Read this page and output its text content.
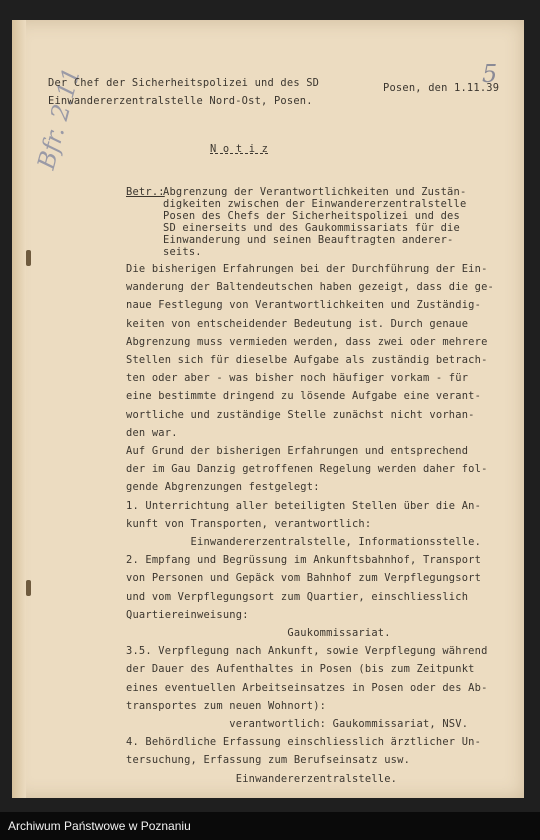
5
Bfr. 2.11
Der Chef der Sicherheitspolizei und des SD
Einwandererzentralstelle Nord-Ost, Posen.
Posen, den 1.11.39
N o t i z
Betr.:
Abgrenzung der Verantwortlichkeiten und Zustän-
digkeiten zwischen der Einwandererzentralstelle
Posen des Chefs der Sicherheitspolizei und des
SD einerseits und des Gaukommissariats für die
Einwanderung und seinen Beauftragten anderer-
seits.
Die bisherigen Erfahrungen bei der Durchführung der Ein-
wanderung der Baltendeutschen haben gezeigt, dass die ge-
naue Festlegung von Verantwortlichkeiten und Zuständig-
keiten von entscheidender Bedeutung ist. Durch genaue
Abgrenzung muss vermieden werden, dass zwei oder mehrere
Stellen sich für dieselbe Aufgabe als zuständig betrach-
ten oder aber - was bisher noch häufiger vorkam - für
eine bestimmte dringend zu lösende Aufgabe eine verant-
wortliche und zuständige Stelle zunächst nicht vorhan-
den war.
Auf Grund der bisherigen Erfahrungen und entsprechend
der im Gau Danzig getroffenen Regelung werden daher fol-
gende Abgrenzungen festgelegt:
1. Unterrichtung aller beteiligten Stellen über die An-
kunft von Transporten, verantwortlich:
Einwandererzentralstelle, Informationsstelle.
2. Empfang und Begrüssung im Ankunftsbahnhof, Transport
von Personen und Gepäck vom Bahnhof zum Verpflegungsort
und vom Verpflegungsort zum Quartier, einschliesslich
Quartiereinweisung:
Gaukommissariat.
3.5. Verpflegung nach Ankunft, sowie Verpflegung während
der Dauer des Aufenthaltes in Posen (bis zum Zeitpunkt
eines eventuellen Arbeitseinsatzes in Posen oder des Ab-
transportes zum neuen Wohnort):
verantwortlich: Gaukommissariat, NSV.
4. Behördliche Erfassung einschliesslich ärztlicher Un-
tersuchung, Erfassung zum Berufseinsatz usw.
Einwandererzentralstelle.
Archiwum Państwowe w Poznaniu
